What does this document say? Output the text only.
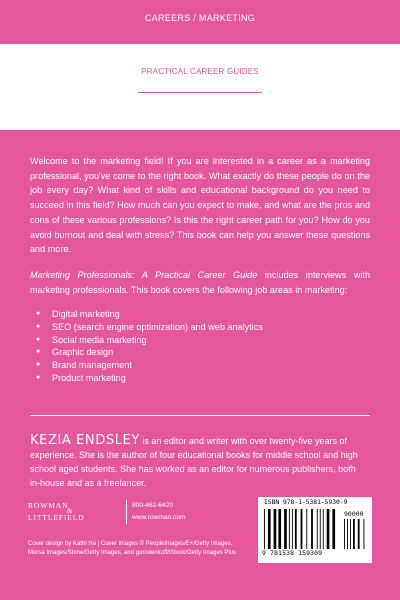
CAREERS / MARKETING
PRACTICAL CAREER GUIDES

Welcome to the marketing field! If you are interested in a career as a marketing professional, you've come to the right book. What exactly do these people do on the job every day? What kind of skills and educational background do you need to succeed in this field? How much can you expect to make, and what are the pros and cons of these various professions? Is this the right career path for you? How do you avoid burnout and deal with stress? This book can help you answer these questions and more.

Marketing Professionals: A Practical Career Guide includes interviews with marketing professionals. This book covers the following job areas in marketing:

● Digital marketing
● SEO (search engine optimization) and web analytics
● Social media marketing
● Graphic design
● Brand management
● Product marketing
KEZIA ENDSLEY is an editor and writer with over twenty-five years of experience. She is the author of four educational books for middle school and high school aged students. She has worked as an editor for numerous publishers, both in-house and as a freelancer.
ROWMAN
&
LITTLEFIELD
800-462-6420
www.rowman.com
Cover design by Kathi Ha | Cover images © PeopleImages/E+/Getty Images, Morsa Images/Stone/Getty Images, and gorodenkoff/iStock/Getty Images Plus
ISBN 978-1-5381-5930-9
90000
9 781538 159309
